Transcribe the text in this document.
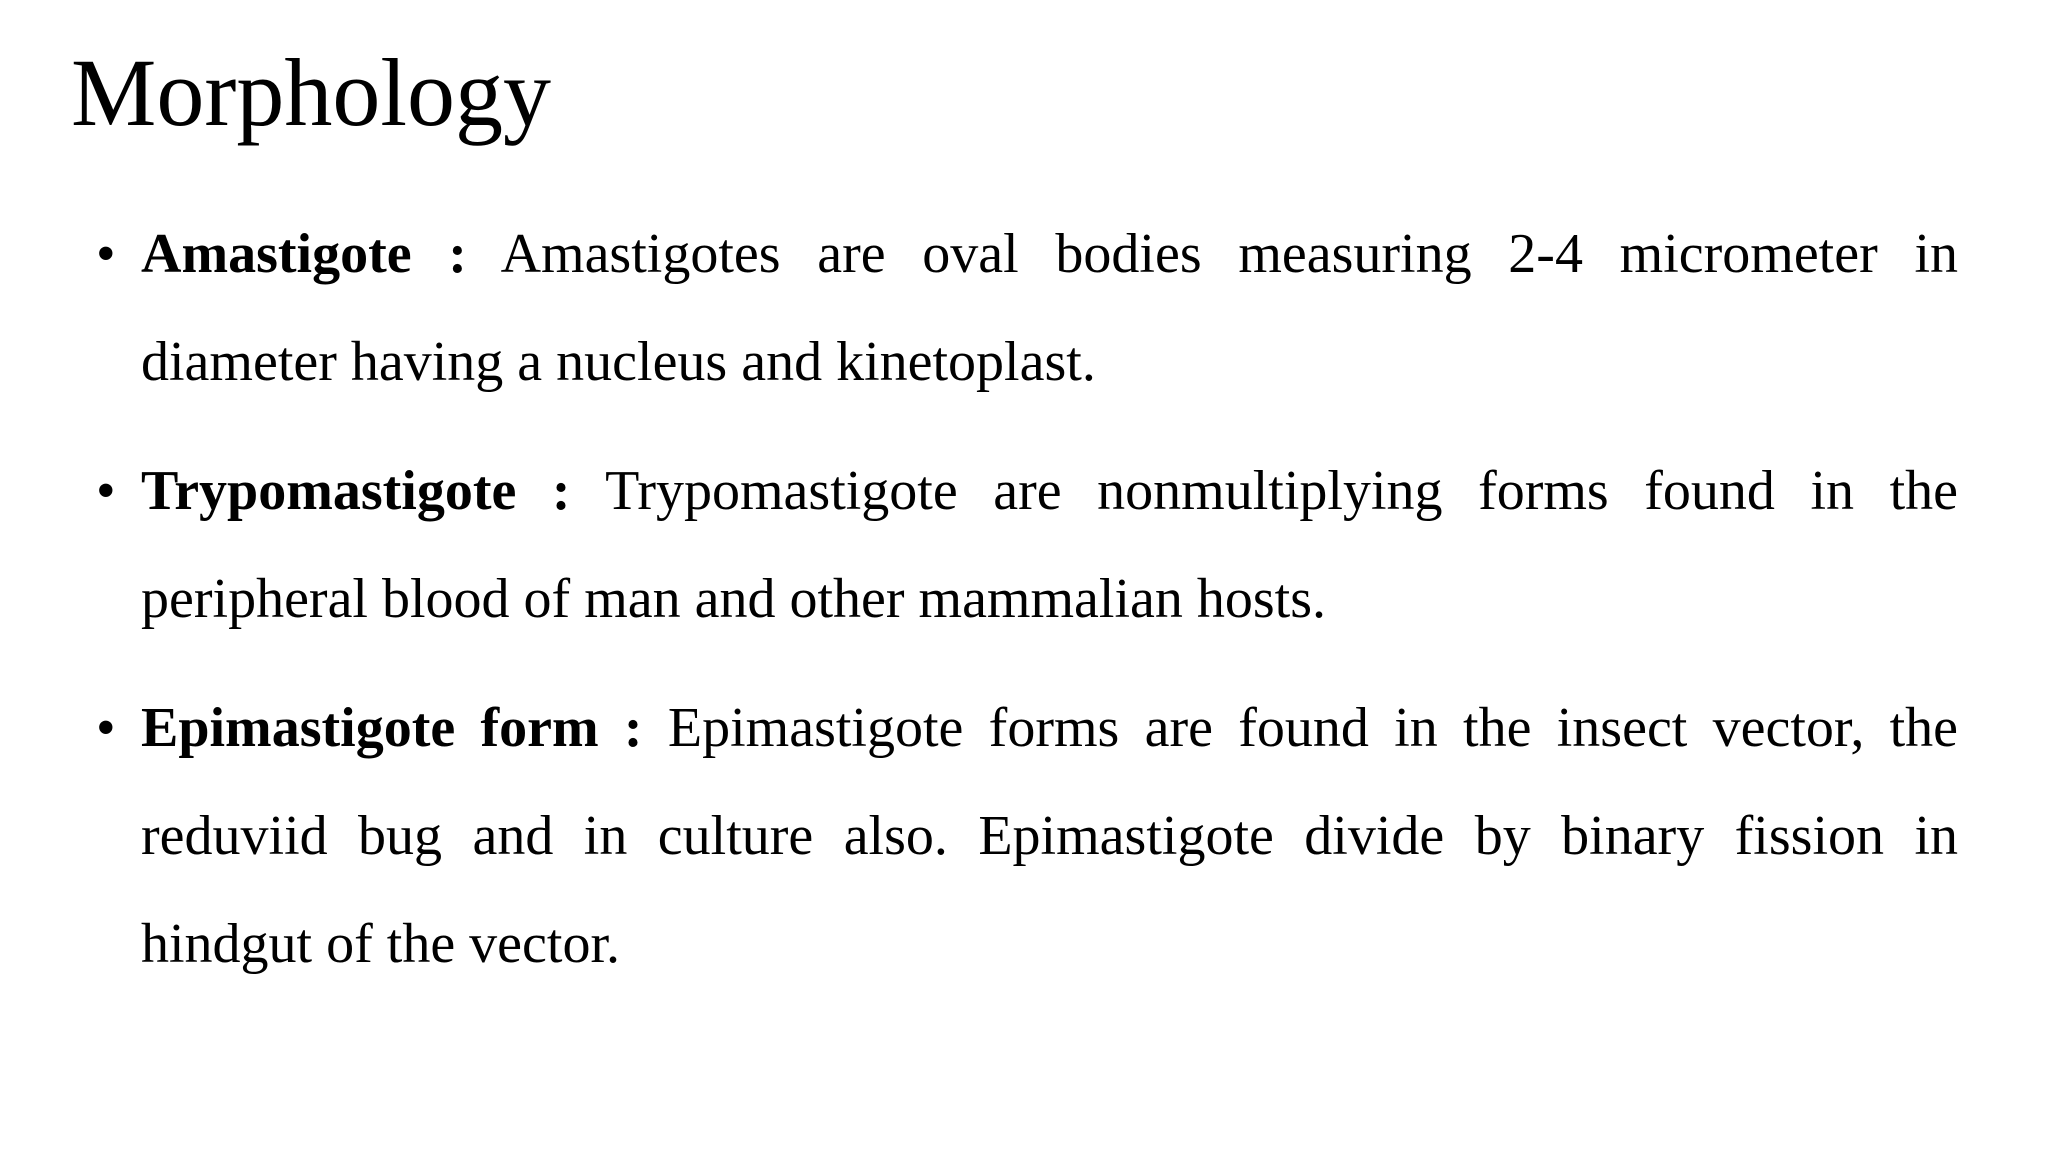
Morphology
• Amastigote : Amastigotes are oval bodies measuring 2-4 micrometer in diameter having a nucleus and kinetoplast.
• Trypomastigote : Trypomastigote are nonmultiplying forms found in the peripheral blood of man and other mammalian hosts.
• Epimastigote form : Epimastigote forms are found in the insect vector, the reduviid bug and in culture also. Epimastigote divide by binary fission in hindgut of the vector.
